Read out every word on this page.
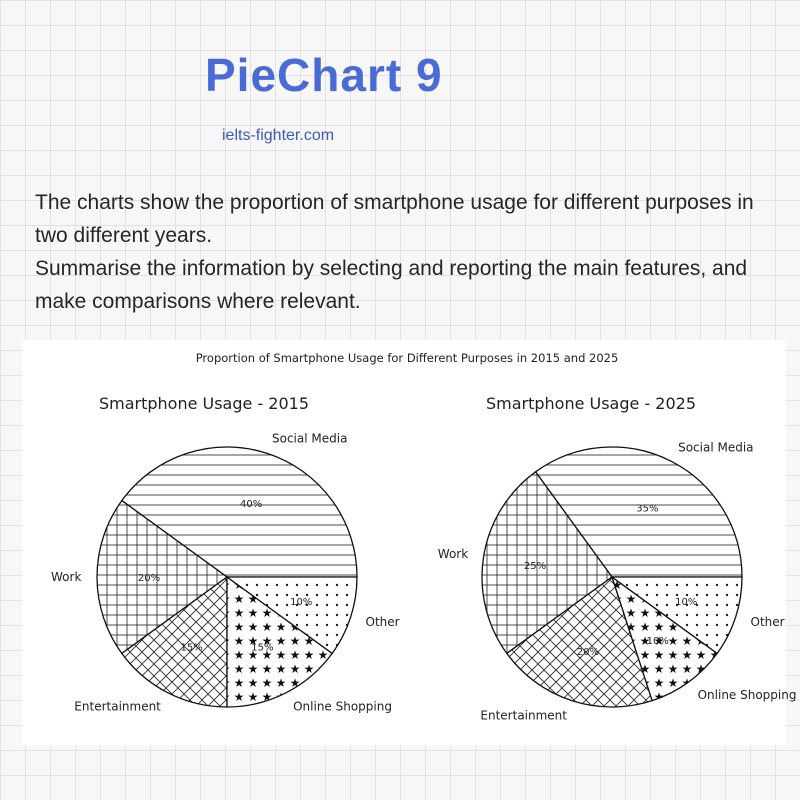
PieChart 9
ielts-fighter.com

The charts show the proportion of smartphone usage for different purposes in two different years.

Summarise the information by selecting and reporting the main features, and make comparisons where relevant.

Proportion of Smartphone Usage for Different Purposes in 2015 and 2025
Smartphone Usage - 2015	Smartphone Usage - 2025
40%
Social Media
20%
Work
15%
Entertainment
15%
Online Shopping
10%
Other
35%
Social Media
25%
Work
20%
Entertainment
10%
Online Shopping
10%
Other
